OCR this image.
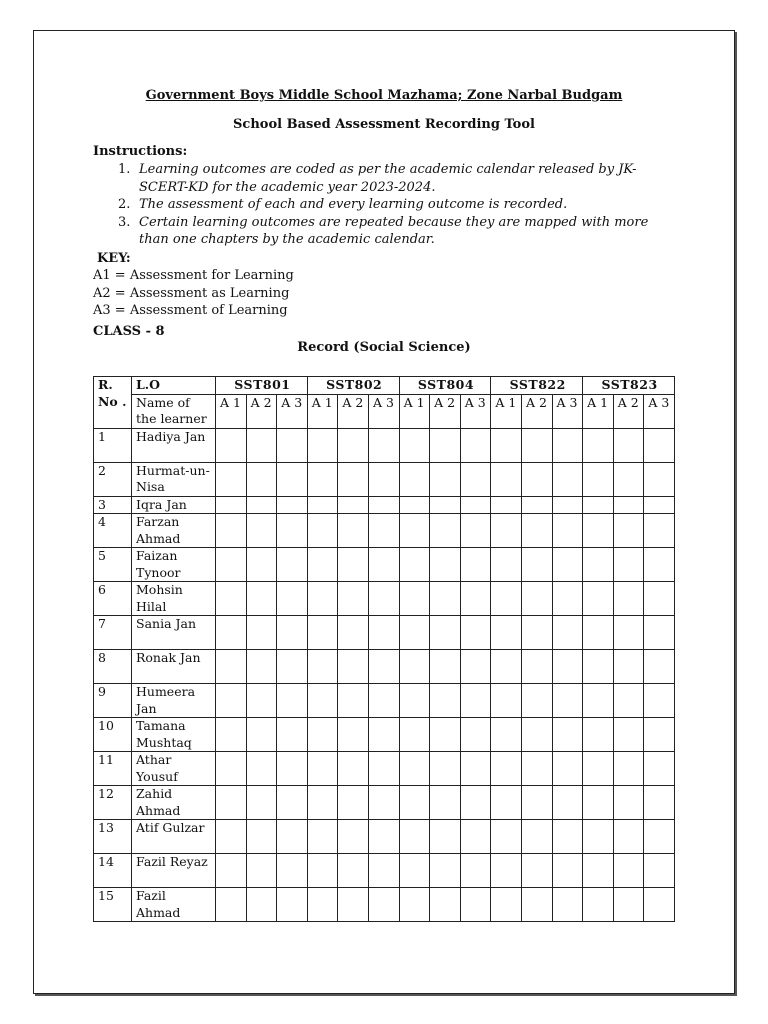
Government Boys Middle School Mazhama; Zone Narbal Budgam
School Based Assessment Recording Tool
Instructions:
1. Learning outcomes are coded as per the academic calendar released by JK-SCERT-KD for the academic year 2023-2024.
2. The assessment of each and every learning outcome is recorded.
3. Certain learning outcomes are repeated because they are mapped with more than one chapters by the academic calendar.
KEY:
A1 = Assessment for Learning
A2 = Assessment as Learning
A3 = Assessment of Learning
CLASS - 8
Record (Social Science)
R. No .	L.O	SST801			SST802			SST804			SST822			SST823		
	Name of the learner	A 1	A 2	A 3	A 1	A 2	A 3	A 1	A 2	A 3	A 1	A 2	A 3	A 1	A 2	A 3
1	Hadiya Jan															
2	Hurmat-un-Nisa															
3	Iqra Jan															
4	Farzan Ahmad															
5	Faizan Tynoor															
6	Mohsin Hilal															
7	Sania Jan															
8	Ronak Jan															
9	Humeera Jan															
10	Tamana Mushtaq															
11	Athar Yousuf															
12	Zahid Ahmad															
13	Atif Gulzar															
14	Fazil Reyaz															
15	Fazil Ahmad															
